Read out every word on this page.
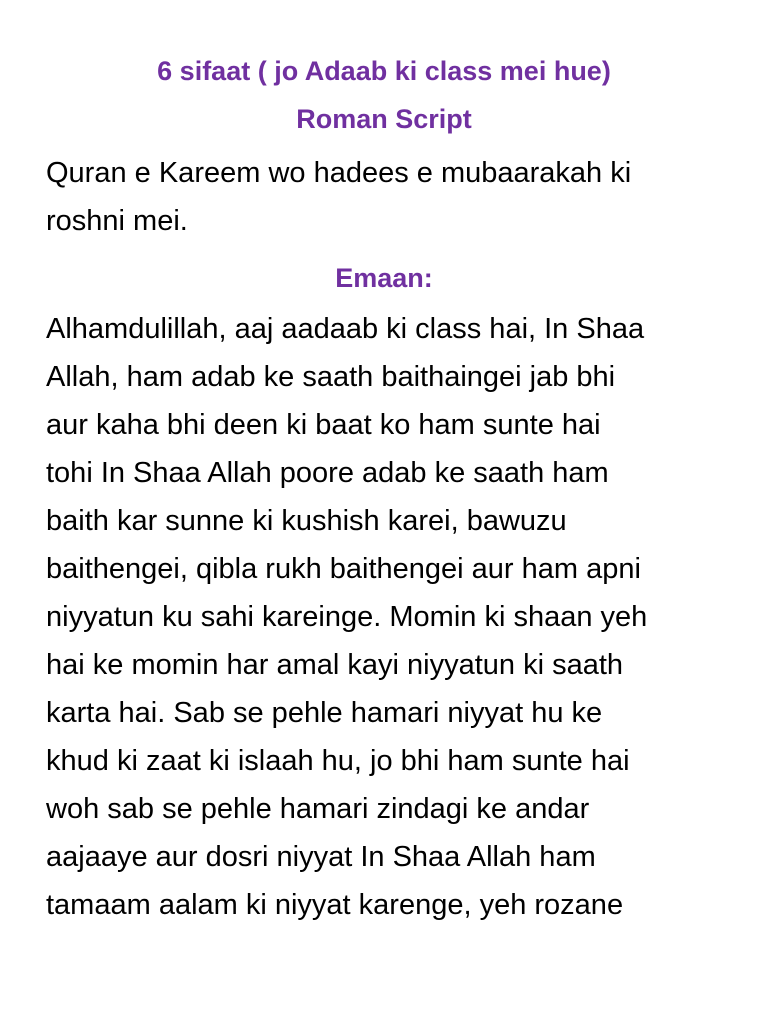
6 sifaat ( jo Adaab ki class mei hue)
Roman Script
Quran e Kareem wo hadees e mubaarakah ki
roshni mei.
Emaan:
Alhamdulillah, aaj aadaab ki class hai, In Shaa
Allah, ham adab ke saath baithaingei jab bhi
aur kaha bhi deen ki baat ko ham sunte hai
tohi In Shaa Allah poore adab ke saath ham
baith kar sunne ki kushish karei, bawuzu
baithengei, qibla rukh baithengei aur ham apni
niyyatun ku sahi kareinge. Momin ki shaan yeh
hai ke momin har amal kayi niyyatun ki saath
karta hai. Sab se pehle hamari niyyat hu ke
khud ki zaat ki islaah hu, jo bhi ham sunte hai
woh sab se pehle hamari zindagi ke andar
aajaaye aur dosri niyyat In Shaa Allah ham
tamaam aalam ki niyyat karenge, yeh rozane
